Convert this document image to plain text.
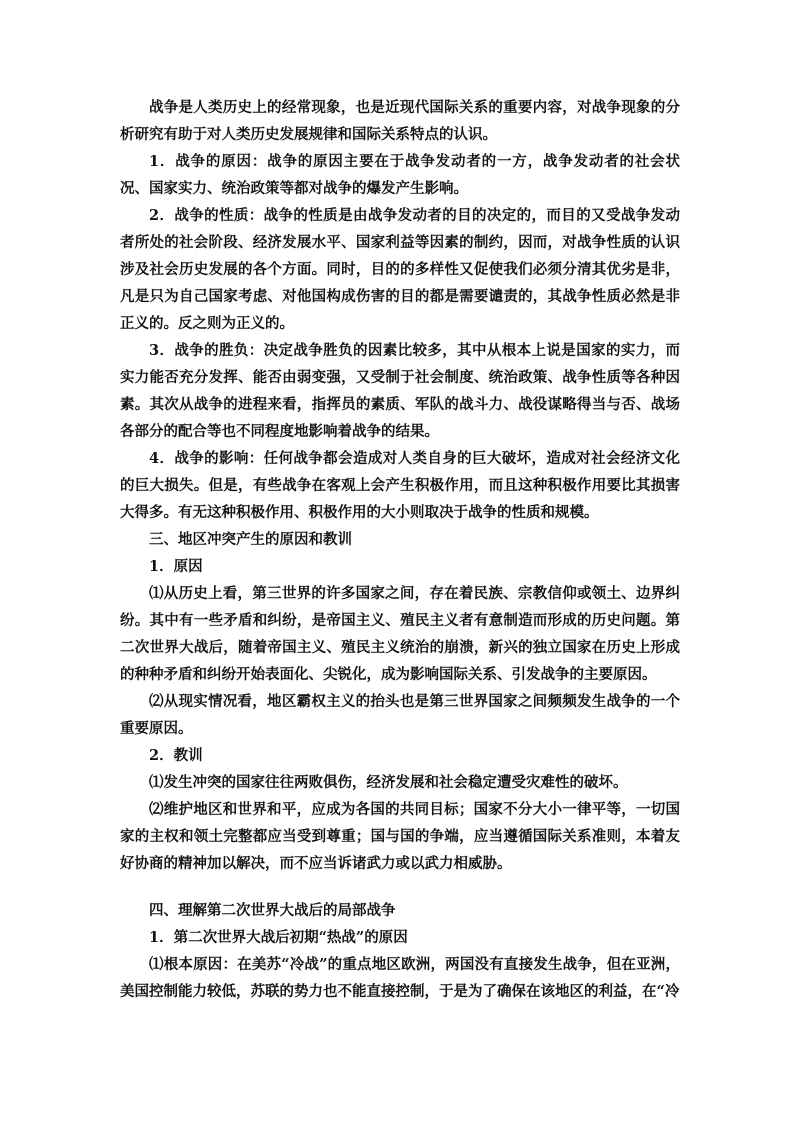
战争是人类历史上的经常现象，也是近现代国际关系的重要内容，对战争现象的分析研究有助于对人类历史发展规律和国际关系特点的认识。

1．战争的原因：战争的原因主要在于战争发动者的一方，战争发动者的社会状况、国家实力、统治政策等都对战争的爆发产生影响。

2．战争的性质：战争的性质是由战争发动者的目的决定的，而目的又受战争发动者所处的社会阶段、经济发展水平、国家利益等因素的制约，因而，对战争性质的认识涉及社会历史发展的各个方面。同时，目的的多样性又促使我们必须分清其优劣是非，凡是只为自己国家考虑、对他国构成伤害的目的都是需要谴责的，其战争性质必然是非正义的。反之则为正义的。

3．战争的胜负：决定战争胜负的因素比较多，其中从根本上说是国家的实力，而实力能否充分发挥、能否由弱变强，又受制于社会制度、统治政策、战争性质等各种因素。其次从战争的进程来看，指挥员的素质、军队的战斗力、战役谋略得当与否、战场各部分的配合等也不同程度地影响着战争的结果。

4．战争的影响：任何战争都会造成对人类自身的巨大破坏，造成对社会经济文化的巨大损失。但是，有些战争在客观上会产生积极作用，而且这种积极作用要比其损害大得多。有无这种积极作用、积极作用的大小则取决于战争的性质和规模。

三、地区冲突产生的原因和教训

1．原因

⑴从历史上看，第三世界的许多国家之间，存在着民族、宗教信仰或领土、边界纠纷。其中有一些矛盾和纠纷，是帝国主义、殖民主义者有意制造而形成的历史问题。第二次世界大战后，随着帝国主义、殖民主义统治的崩溃，新兴的独立国家在历史上形成的种种矛盾和纠纷开始表面化、尖锐化，成为影响国际关系、引发战争的主要原因。

⑵从现实情况看，地区霸权主义的抬头也是第三世界国家之间频频发生战争的一个重要原因。

2．教训

⑴发生冲突的国家往往两败俱伤，经济发展和社会稳定遭受灾难性的破坏。

⑵维护地区和世界和平，应成为各国的共同目标；国家不分大小一律平等，一切国家的主权和领土完整都应当受到尊重；国与国的争端，应当遵循国际关系准则，本着友好协商的精神加以解决，而不应当诉诸武力或以武力相威胁。

四、理解第二次世界大战后的局部战争

1．第二次世界大战后初期“热战”的原因

⑴根本原因：在美苏“冷战”的重点地区欧洲，两国没有直接发生战争，但在亚洲，美国控制能力较低，苏联的势力也不能直接控制，于是为了确保在该地区的利益，在“冷
